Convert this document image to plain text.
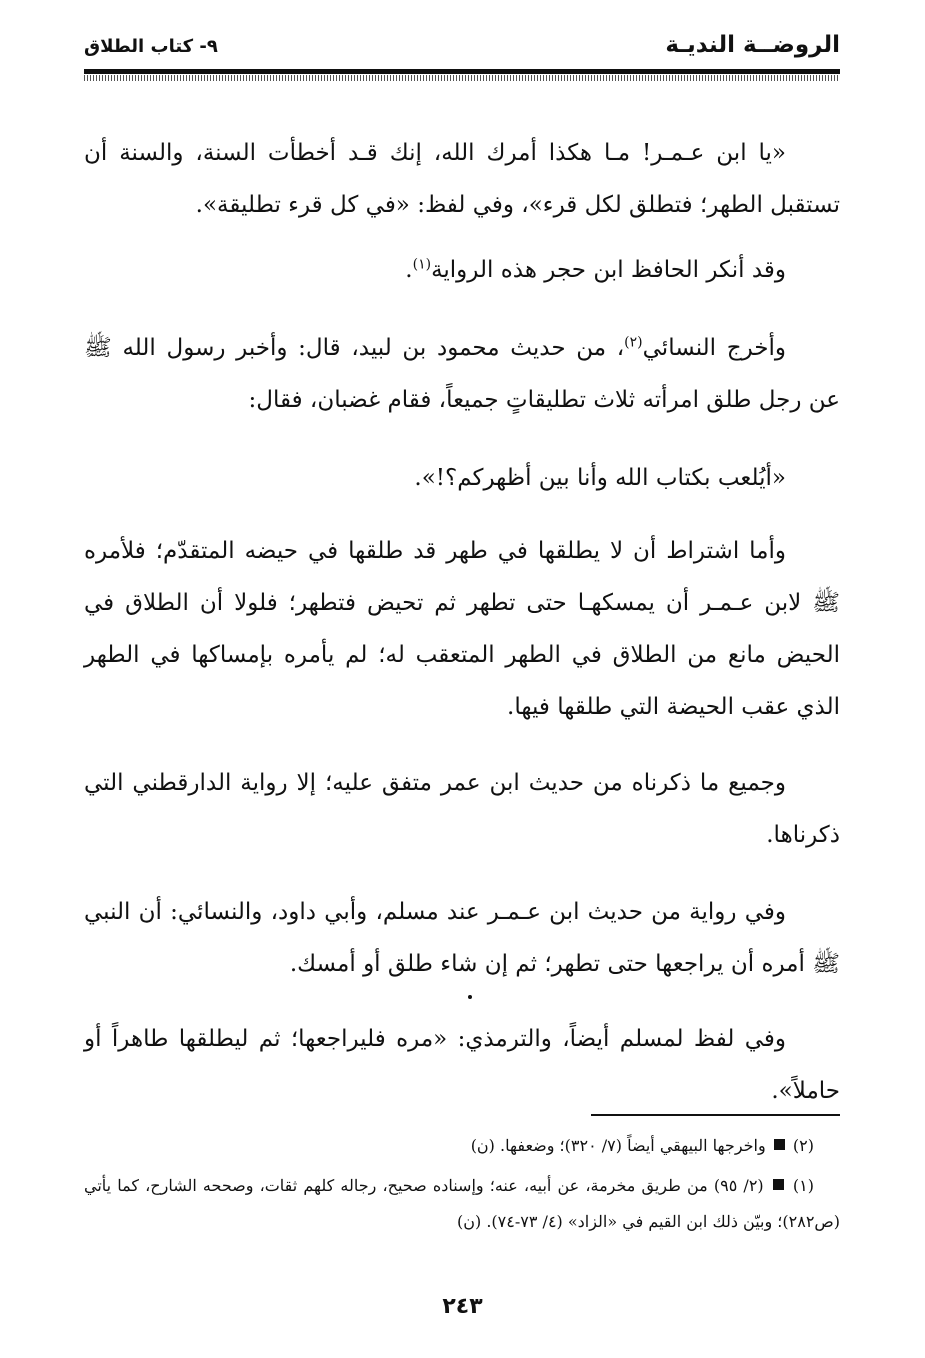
الروضــة النديـة
٩- كتاب الطلاق
«يا ابن عـمـر! مـا هكذا أمرك الله، إنك قـد أخطأت السنة، والسنة أن تستقبل الطهر؛ فتطلق لكل قرء»، وفي لفظ: «في كل قرء تطليقة».
وقد أنكر الحافظ ابن حجر هذه الرواية$^{(١)}$.
وأخرج النسائي$^{(٢)}$، من حديث محمود بن لبيد، قال: وأخبر رسول الله ﷺ عن رجل طلق امرأته ثلاث تطليقاتٍ جميعاً، فقام غضبان، فقال:
«أيُلعب بكتاب الله وأنا بين أظهركم؟!».
وأما اشتراط أن لا يطلقها في طهر قد طلقها في حيضه المتقدّم؛ فلأمره ﷺ لابن عـمـر أن يمسكهـا حتى تطهر ثم تحيض فتطهر؛ فلولا أن الطلاق في الحيض مانع من الطلاق في الطهر المتعقب له؛ لم يأمره بإمساكها في الطهر الذي عقب الحيضة التي طلقها فيها.
وجميع ما ذكرناه من حديث ابن عمر متفق عليه؛ إلا رواية الدارقطني التي ذكرناها.
وفي رواية من حديث ابن عـمـر عند مسلم، وأبي داود، والنسائي: أن النبي ﷺ أمره أن يراجعها حتى تطهر؛ ثم إن شاء طلق أو أمسك.
وفي لفظ لمسلم أيضاً، والترمذي: «مره فليراجعها؛ ثم ليطلقها طاهراً أو حاملاً».
(٢)  واخرجها البيهقي أيضاً (٧/ ٣٢٠)؛ وضعفها. (ن)
(١)  (٢/ ٩٥) من طريق مخرمة، عن أبيه، عنه؛ وإسناده صحيح، رجاله كلهم ثقات، وصححه الشارح، كما يأتي (ص٢٨٢)؛ وبيّن ذلك ابن القيم في «الزاد» (٤/ ٧٣-٧٤). (ن)
٢٤٣
